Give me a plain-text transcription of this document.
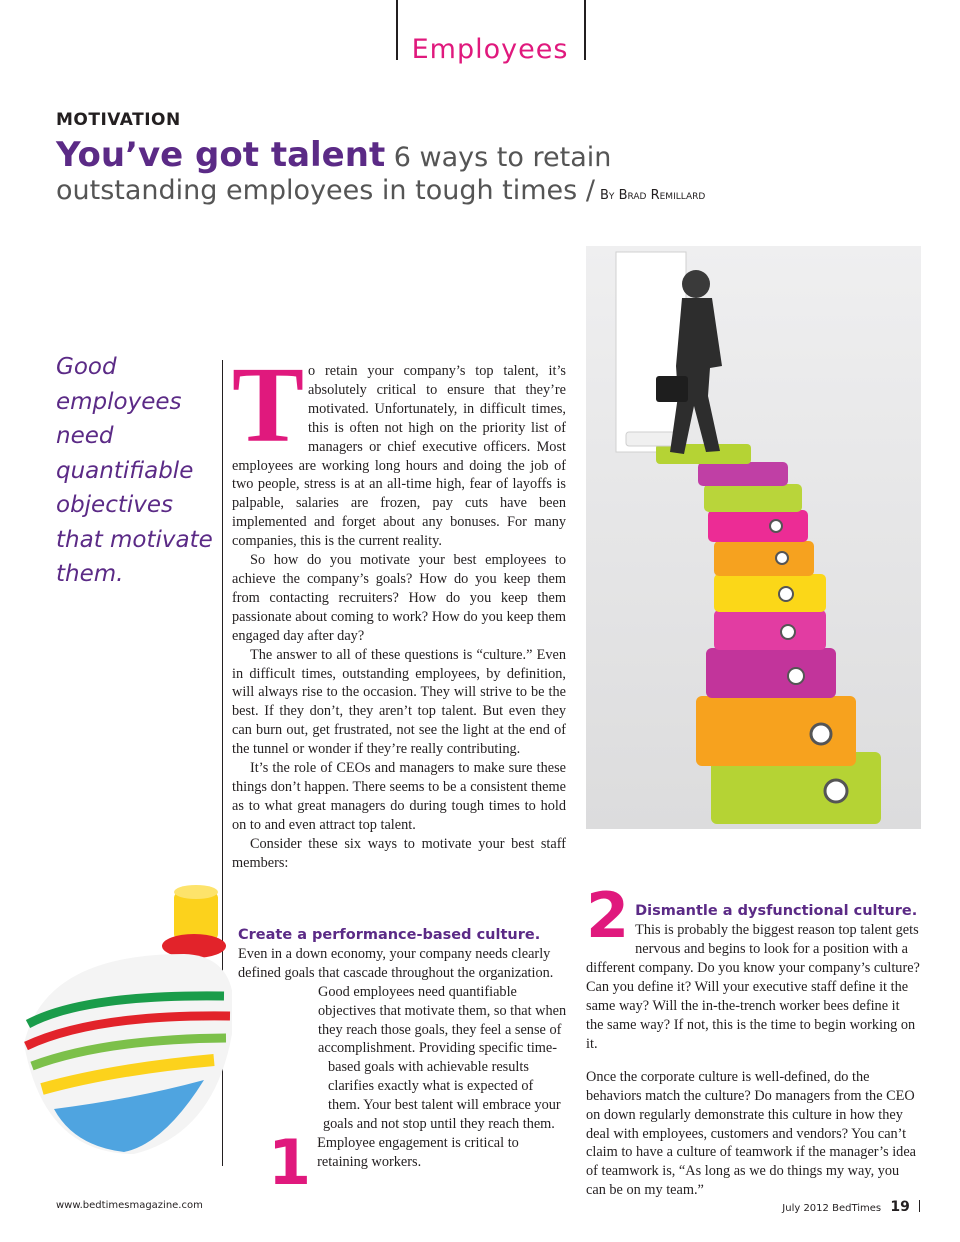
Employees
MOTIVATION
You’ve got talent 6 ways to retain
outstanding employees in tough times / By Brad Remillard
Good employees need quantifiable objectives that motivate them.

To retain your company’s top talent, it’s absolutely critical to ensure that they’re motivated. Unfortunately, in difficult times, this is often not high on the priority list of managers or chief executive officers. Most employees are working long hours and doing the job of two people, stress is at an all-time high, fear of layoffs is palpable, salaries are frozen, pay cuts have been implemented and forget about any bonuses. For many companies, this is the current reality.

So how do you motivate your best employees to achieve the company’s goals? How do you keep them from contacting recruiters? How do you keep them passionate about coming to work? How do you keep them engaged day after day?

The answer to all of these questions is “culture.” Even in difficult times, outstanding employees, by definition, will always rise to the occasion. They will strive to be the best. If they don’t, they aren’t top talent. But even they can burn out, get frustrated, not see the light at the end of the tunnel or wonder if they’re really contributing.

It’s the role of CEOs and managers to make sure these things don’t happen. There seems to be a consistent theme as to what great managers do during tough times to hold on to and even attract top talent.

Consider these six ways to motivate your best staff members:

1

Create a performance-based culture. Even in a down economy, your company needs clearly defined goals that cascade throughout the organization. Good employees need quantifiable objectives that motivate them, so that when they reach those goals, they feel a sense of accomplishment. Providing specific time-based goals with achievable results clarifies exactly what is expected of them. Your best talent will embrace your goals and not stop until they reach them. Employee engagement is critical to retaining workers.

2 Dismantle a dysfunctional culture. This is probably the biggest reason top talent gets nervous and begins to look for a position with a different company. Do you know your company’s culture? Can you define it? Will your executive staff define it the same way? Will the in-the-trench worker bees define it the same way? If not, this is the time to begin working on it.

Once the corporate culture is well-defined, do the behaviors match the culture? Do managers from the CEO on down regularly demonstrate this culture in how they deal with employees, customers and vendors? You can’t claim to have a culture of teamwork if the manager’s idea of teamwork is, “As long as we do things my way, you can be on my team.”

www.bedtimesmagazine.com	July 2012 BedTimes 19
